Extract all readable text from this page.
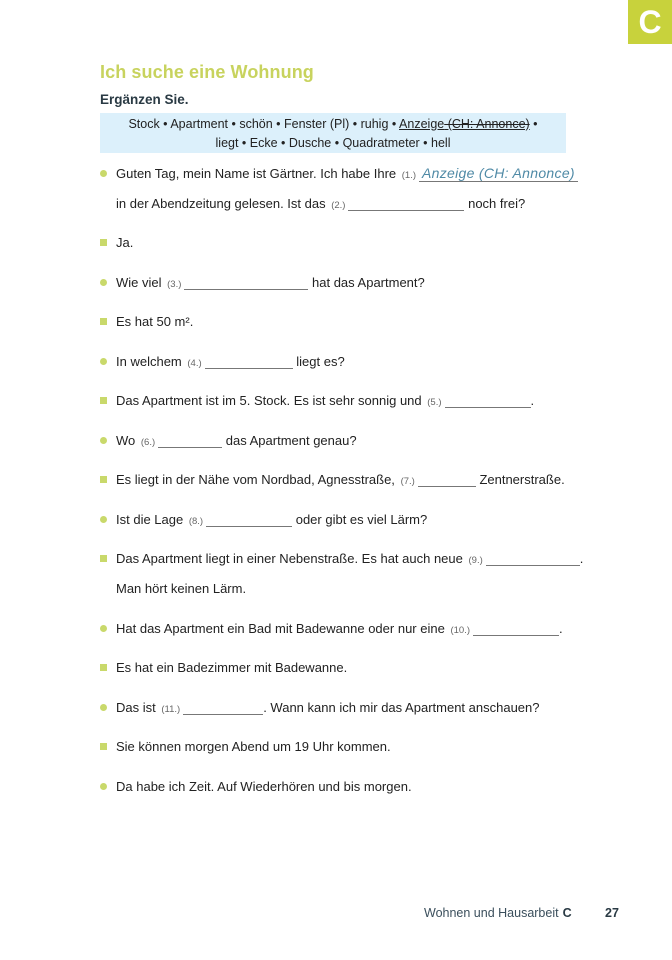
C
Ich suche eine Wohnung
Ergänzen Sie.
Stock • Apartment • schön • Fenster (Pl) • ruhig • Anzeige (CH: Annonce) •
liegt • Ecke • Dusche • Quadratmeter • hell
Guten Tag, mein Name ist Gärtner. Ich habe Ihre (1.) Anzeige (CH: Annonce)
in der Abendzeitung gelesen. Ist das (2.)	noch frei?
Ja.
Wie viel (3.)	hat das Apartment?
Es hat 50 m².
In welchem (4.)	liegt es?
Das Apartment ist im 5. Stock. Es ist sehr sonnig und (5.)	.
Wo (6.)	das Apartment genau?
Es liegt in der Nähe vom Nordbad, Agnesstraße, (7.)	Zentnerstraße.
Ist die Lage (8.)	oder gibt es viel Lärm?
Das Apartment liegt in einer Nebenstraße. Es hat auch neue (9.)	.
Man hört keinen Lärm.
Hat das Apartment ein Bad mit Badewanne oder nur eine (10.)	.
Es hat ein Badezimmer mit Badewanne.
Das ist (11.)	. Wann kann ich mir das Apartment anschauen?
Sie können morgen Abend um 19 Uhr kommen.
Da habe ich Zeit. Auf Wiederhören und bis morgen.
Wohnen und Hausarbeit C	27
